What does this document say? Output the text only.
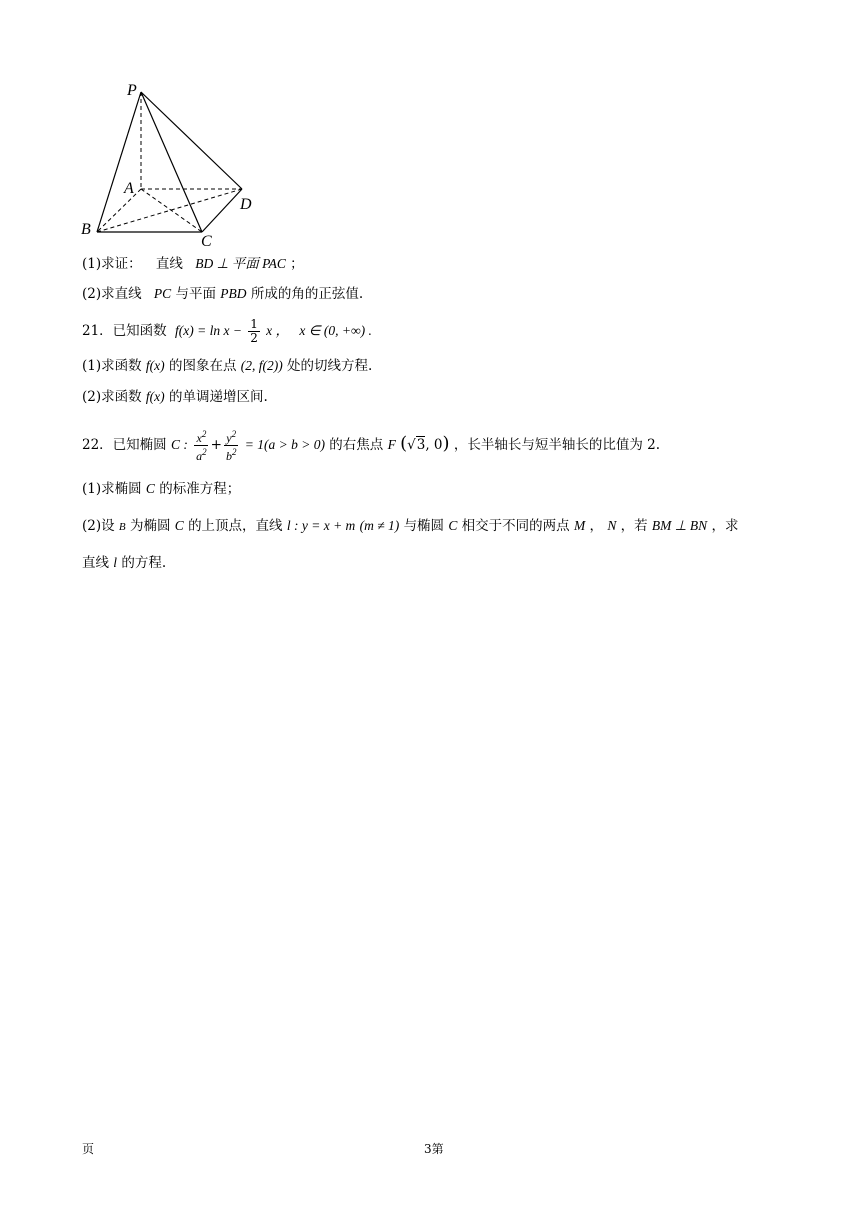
P
A
B
C
D
(1)求证： 直线 BD ⊥ 平面 PAC ；
(2)求直线 PC 与平面 PBD 所成的角的正弦值.
21．已知函数 $f(x) = \ln x - \frac{1}{2}$ x ， x ∈ (0, +∞) .
(1)求函数 f(x) 的图象在点 (2, f(2)) 处的切线方程.
(2)求函数 f(x) 的单调递增区间.
22．已知椭圆 C : $\frac{x^2}{a^2} + \frac{y^2}{b^2} = 1(a > b > 0)$ 的右焦点 F (√3, 0) ，长半轴长与短半轴长的比值为 2.
(1)求椭圆 C 的标准方程；
(2)设 B 为椭圆 C 的上顶点，直线 l : y = x + m (m ≠ 1) 与椭圆 C 相交于不同的两点 M ， N ，若 BM ⊥ BN ，求
直线 l 的方程.
页	3第
